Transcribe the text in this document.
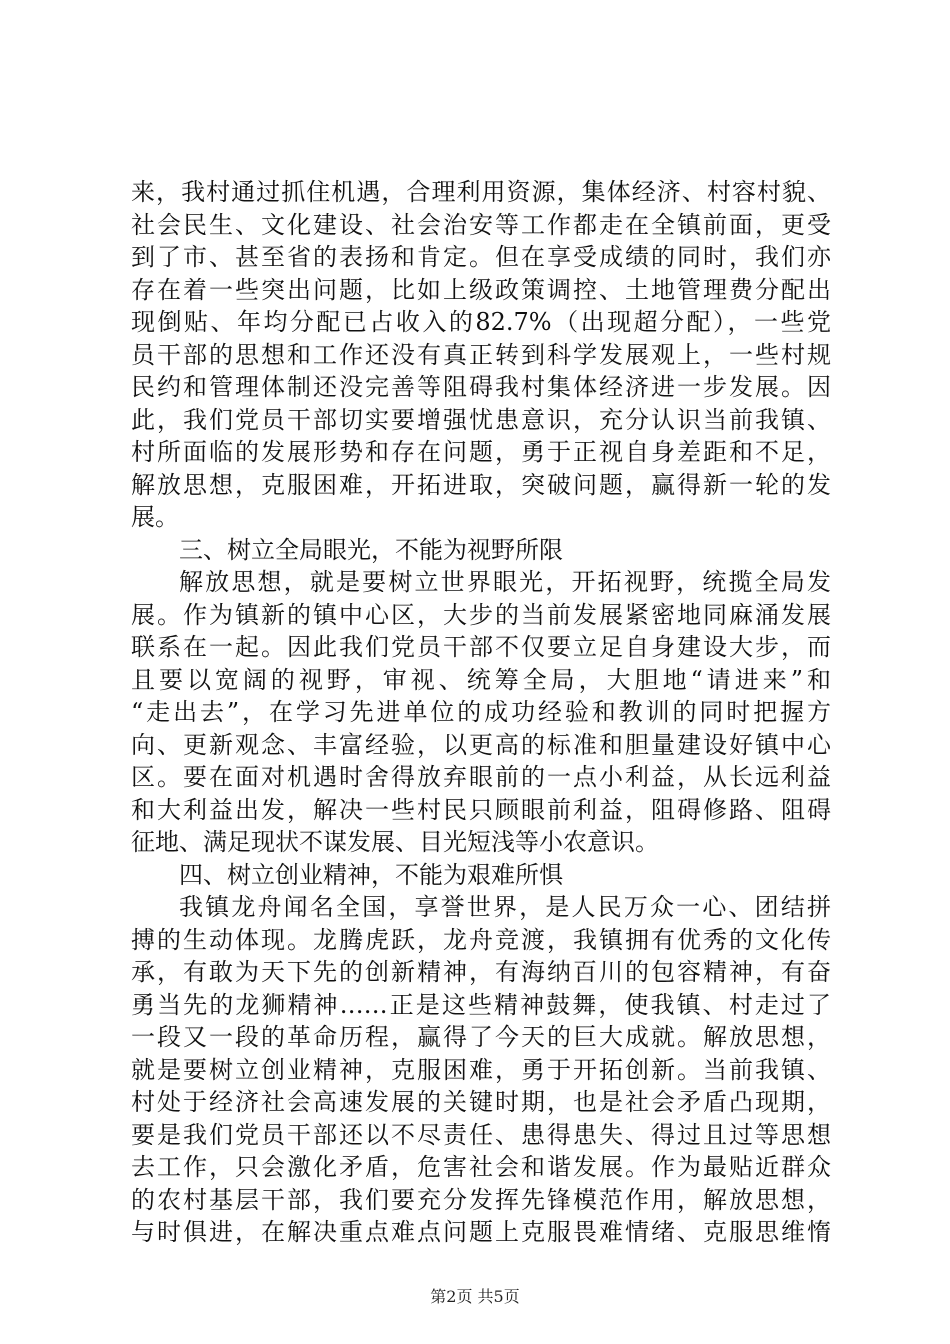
来，我村通过抓住机遇，合理利用资源，集体经济、村容村貌、
社会民生、文化建设、社会治安等工作都走在全镇前面，更受
到了市、甚至省的表扬和肯定。但在享受成绩的同时，我们亦
存在着一些突出问题，比如上级政策调控、土地管理费分配出
现倒贴、年均分配已占收入的82.7%（出现超分配），一些党
员干部的思想和工作还没有真正转到科学发展观上，一些村规
民约和管理体制还没完善等阻碍我村集体经济进一步发展。因
此，我们党员干部切实要增强忧患意识，充分认识当前我镇、
村所面临的发展形势和存在问题，勇于正视自身差距和不足，
解放思想，克服困难，开拓进取，突破问题，赢得新一轮的发
展。
三、树立全局眼光，不能为视野所限
解放思想，就是要树立世界眼光，开拓视野，统揽全局发
展。作为镇新的镇中心区，大步的当前发展紧密地同麻涌发展
联系在一起。因此我们党员干部不仅要立足自身建设大步，而
且要以宽阔的视野，审视、统筹全局，大胆地“请进来”和
“走出去”，在学习先进单位的成功经验和教训的同时把握方
向、更新观念、丰富经验，以更高的标准和胆量建设好镇中心
区。要在面对机遇时舍得放弃眼前的一点小利益，从长远利益
和大利益出发，解决一些村民只顾眼前利益，阻碍修路、阻碍
征地、满足现状不谋发展、目光短浅等小农意识。
四、树立创业精神，不能为艰难所惧
我镇龙舟闻名全国，享誉世界，是人民万众一心、团结拼
搏的生动体现。龙腾虎跃，龙舟竞渡，我镇拥有优秀的文化传
承，有敢为天下先的创新精神，有海纳百川的包容精神，有奋
勇当先的龙狮精神……正是这些精神鼓舞，使我镇、村走过了
一段又一段的革命历程，赢得了今天的巨大成就。解放思想，
就是要树立创业精神，克服困难，勇于开拓创新。当前我镇、
村处于经济社会高速发展的关键时期，也是社会矛盾凸现期，
要是我们党员干部还以不尽责任、患得患失、得过且过等思想
去工作，只会激化矛盾，危害社会和谐发展。作为最贴近群众
的农村基层干部，我们要充分发挥先锋模范作用，解放思想，
与时俱进，在解决重点难点问题上克服畏难情绪、克服思维惰
第2页 共5页
